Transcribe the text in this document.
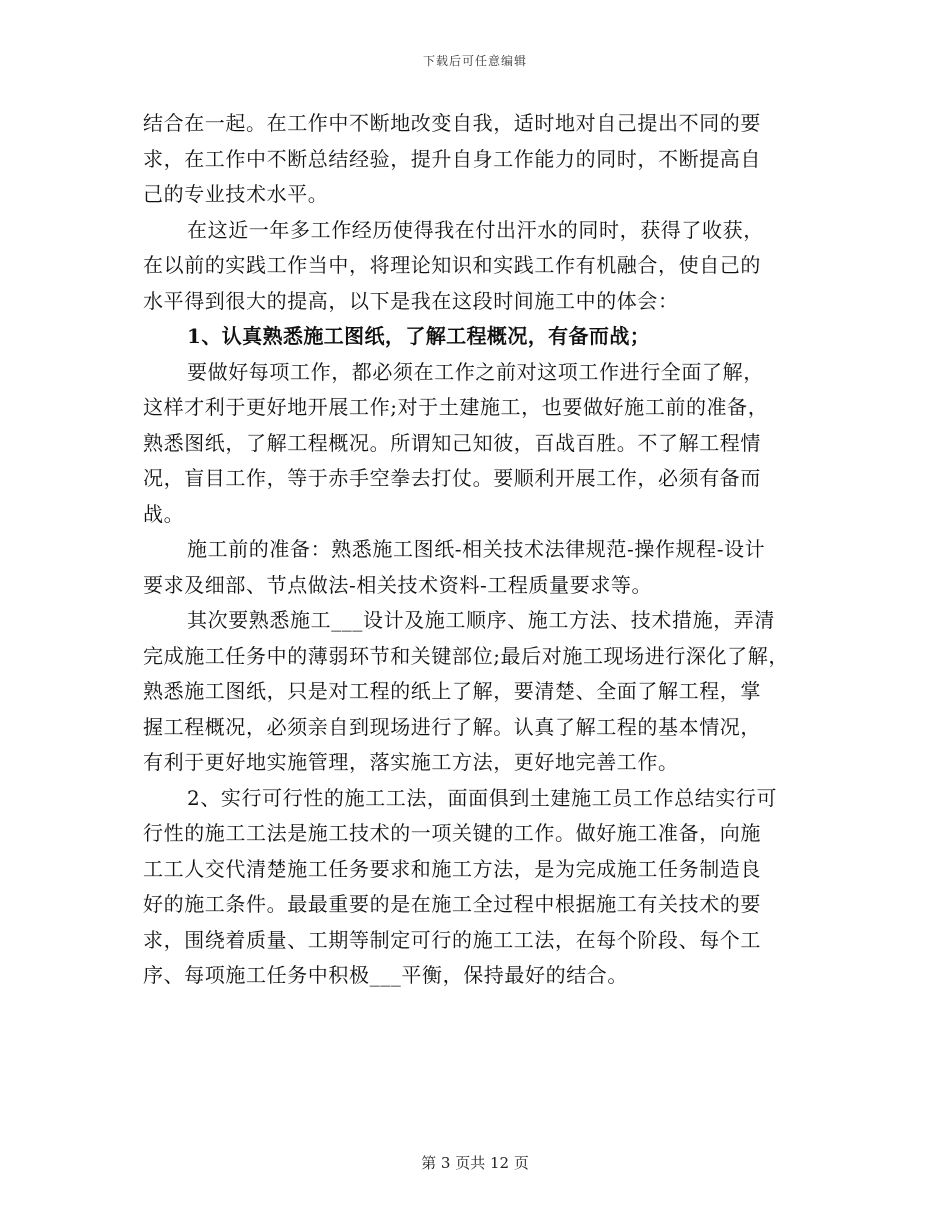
下载后可任意编辑
结合在一起。在工作中不断地改变自我，适时地对自己提出不同的要
求，在工作中不断总结经验，提升自身工作能力的同时，不断提高自
己的专业技术水平。
在这近一年多工作经历使得我在付出汗水的同时，获得了收获，
在以前的实践工作当中，将理论知识和实践工作有机融合，使自己的
水平得到很大的提高，以下是我在这段时间施工中的体会：
1、认真熟悉施工图纸，了解工程概况，有备而战；
要做好每项工作，都必须在工作之前对这项工作进行全面了解，
这样才利于更好地开展工作;对于土建施工，也要做好施工前的准备，
熟悉图纸，了解工程概况。所谓知己知彼，百战百胜。不了解工程情
况，盲目工作，等于赤手空拳去打仗。要顺利开展工作，必须有备而
战。
施工前的准备：熟悉施工图纸-相关技术法律规范-操作规程-设计
要求及细部、节点做法-相关技术资料-工程质量要求等。
其次要熟悉施工___设计及施工顺序、施工方法、技术措施，弄清
完成施工任务中的薄弱环节和关键部位;最后对施工现场进行深化了解，
熟悉施工图纸，只是对工程的纸上了解，要清楚、全面了解工程，掌
握工程概况，必须亲自到现场进行了解。认真了解工程的基本情况，
有利于更好地实施管理，落实施工方法，更好地完善工作。
2、实行可行性的施工工法，面面俱到土建施工员工作总结实行可
行性的施工工法是施工技术的一项关键的工作。做好施工准备，向施
工工人交代清楚施工任务要求和施工方法，是为完成施工任务制造良
好的施工条件。最最重要的是在施工全过程中根据施工有关技术的要
求，围绕着质量、工期等制定可行的施工工法，在每个阶段、每个工
序、每项施工任务中积极___平衡，保持最好的结合。
第 3 页共 12 页
